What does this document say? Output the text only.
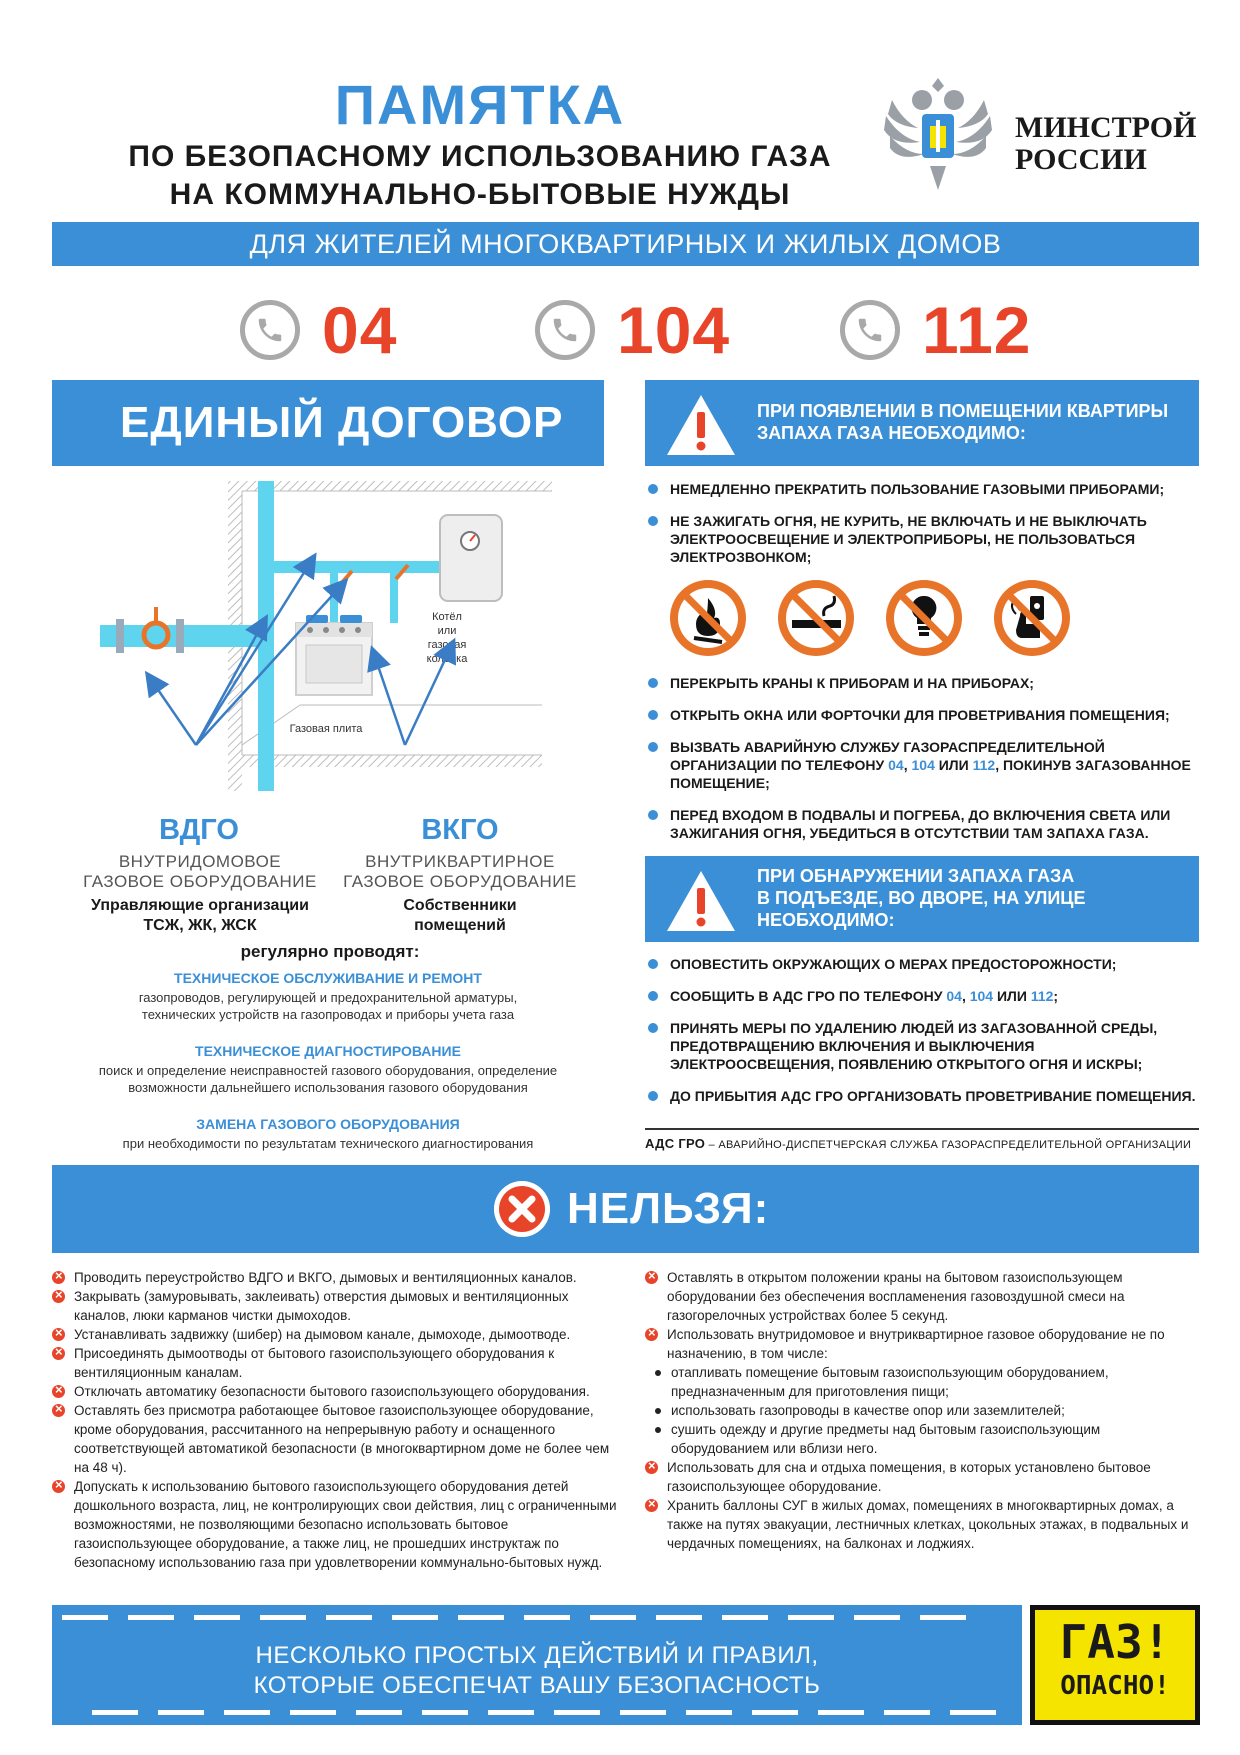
ПАМЯТКА
ПО БЕЗОПАСНОМУ ИСПОЛЬЗОВАНИЮ ГАЗА
НА КОММУНАЛЬНО-БЫТОВЫЕ НУЖДЫ
МИНСТРОЙ
РОССИИ
ДЛЯ ЖИТЕЛЕЙ МНОГОКВАРТИРНЫХ И ЖИЛЫХ ДОМОВ
04	104	112
ЕДИНЫЙ ДОГОВОР
Котёл
или
газовая
колонка
Газовая плита
ВДГО
ВНУТРИДОМОВОЕ
ГАЗОВОЕ ОБОРУДОВАНИЕ
Управляющие организации
ТСЖ, ЖК, ЖСК
ВКГО
ВНУТРИКВАРТИРНОЕ
ГАЗОВОЕ ОБОРУДОВАНИЕ
Собственники
помещений
регулярно проводят:
ТЕХНИЧЕСКОЕ ОБСЛУЖИВАНИЕ И РЕМОНТ
газопроводов, регулирующей и предохранительной арматуры,
технических устройств на газопроводах и приборы учета газа
ТЕХНИЧЕСКОЕ ДИАГНОСТИРОВАНИЕ
поиск и определение неисправностей газового оборудования, определение
возможности дальнейшего использования газового оборудования
ЗАМЕНА ГАЗОВОГО ОБОРУДОВАНИЯ
при необходимости по результатам технического диагностирования
ПРИ ПОЯВЛЕНИИ В ПОМЕЩЕНИИ КВАРТИРЫ
ЗАПАХА ГАЗА НЕОБХОДИМО:
НЕМЕДЛЕННО ПРЕКРАТИТЬ ПОЛЬЗОВАНИЕ ГАЗОВЫМИ ПРИБОРАМИ;
НЕ ЗАЖИГАТЬ ОГНЯ, НЕ КУРИТЬ, НЕ ВКЛЮЧАТЬ И НЕ ВЫКЛЮЧАТЬ ЭЛЕКТРООСВЕЩЕНИЕ И ЭЛЕКТРОПРИБОРЫ, НЕ ПОЛЬЗОВАТЬСЯ ЭЛЕКТРОЗВОНКОМ;
ПЕРЕКРЫТЬ КРАНЫ К ПРИБОРАМ И НА ПРИБОРАХ;
ОТКРЫТЬ ОКНА ИЛИ ФОРТОЧКИ ДЛЯ ПРОВЕТРИВАНИЯ ПОМЕЩЕНИЯ;
ВЫЗВАТЬ АВАРИЙНУЮ СЛУЖБУ ГАЗОРАСПРЕДЕЛИТЕЛЬНОЙ ОРГАНИЗАЦИИ ПО ТЕЛЕФОНУ 04, 104 ИЛИ 112, ПОКИНУВ ЗАГАЗОВАННОЕ ПОМЕЩЕНИЕ;
ПЕРЕД ВХОДОМ В ПОДВАЛЫ И ПОГРЕБА, ДО ВКЛЮЧЕНИЯ СВЕТА ИЛИ ЗАЖИГАНИЯ ОГНЯ, УБЕДИТЬСЯ В ОТСУТСТВИИ ТАМ ЗАПАХА ГАЗА.
ПРИ ОБНАРУЖЕНИИ ЗАПАХА ГАЗА
В ПОДЪЕЗДЕ, ВО ДВОРЕ, НА УЛИЦЕ
НЕОБХОДИМО:
ОПОВЕСТИТЬ ОКРУЖАЮЩИХ О МЕРАХ ПРЕДОСТОРОЖНОСТИ;
СООБЩИТЬ В АДС ГРО ПО ТЕЛЕФОНУ 04, 104 ИЛИ 112;
ПРИНЯТЬ МЕРЫ ПО УДАЛЕНИЮ ЛЮДЕЙ ИЗ ЗАГАЗОВАННОЙ СРЕДЫ, ПРЕДОТВРАЩЕНИЮ ВКЛЮЧЕНИЯ И ВЫКЛЮЧЕНИЯ ЭЛЕКТРООСВЕЩЕНИЯ, ПОЯВЛЕНИЮ ОТКРЫТОГО ОГНЯ И ИСКРЫ;
ДО ПРИБЫТИЯ АДС ГРО ОРГАНИЗОВАТЬ ПРОВЕТРИВАНИЕ ПОМЕЩЕНИЯ.
АДС ГРО – АВАРИЙНО-ДИСПЕТЧЕРСКАЯ СЛУЖБА ГАЗОРАСПРЕДЕЛИТЕЛЬНОЙ ОРГАНИЗАЦИИ
НЕЛЬЗЯ:
Проводить переустройство ВДГО и ВКГО, дымовых и вентиляционных каналов. ×
Закрывать (замуровывать, заклеивать) отверстия дымовых и вентиляционных каналов, люки карманов чистки дымоходов. ×
Устанавливать задвижку (шибер) на дымовом канале, дымоходе, дымоотводе. ×
Присоединять дымоотводы от бытового газоиспользующего оборудования к вентиляционным каналам. ×
Отключать автоматику безопасности бытового газоиспользующего оборудования. ×
Оставлять без присмотра работающее бытовое газоиспользующее оборудование, кроме оборудования, рассчитанного на непрерывную работу и оснащенного соответствующей автоматикой безопасности (в многоквартирном доме не более чем на 48 ч). ×
Допускать к использованию бытового газоиспользующего оборудования детей дошкольного возраста, лиц, не контролирующих свои действия, лиц с ограниченными возможностями, не позволяющими безопасно использовать бытовое газоиспользующее оборудование, а также лиц, не прошедших инструктаж по безопасному использованию газа при удовлетворении коммунально-бытовых нужд. ×
Оставлять в открытом положении краны на бытовом газоиспользующем оборудовании без обеспечения воспламенения газовоздушной смеси на газогорелочных устройствах более 5 секунд. ×
Использовать внутридомовое и внутриквартирное газовое оборудование не по назначению, в том числе: ×
отапливать помещение бытовым газоиспользующим оборудованием, предназначенным для приготовления пищи;
использовать газопроводы в качестве опор или заземлителей;
сушить одежду и другие предметы над бытовым газоиспользующим оборудованием или вблизи него.
Использовать для сна и отдыха помещения, в которых установлено бытовое газоиспользующее оборудование. ×
Хранить баллоны СУГ в жилых домах, помещениях в многоквартирных домах, а также на путях эвакуации, лестничных клетках, цокольных этажах, в подвальных и чердачных помещениях, на балконах и лоджиях. ×
НЕСКОЛЬКО ПРОСТЫХ ДЕЙСТВИЙ И ПРАВИЛ,
КОТОРЫЕ ОБЕСПЕЧАТ ВАШУ БЕЗОПАСНОСТЬ
ГАЗ!
ОПАСНО!
